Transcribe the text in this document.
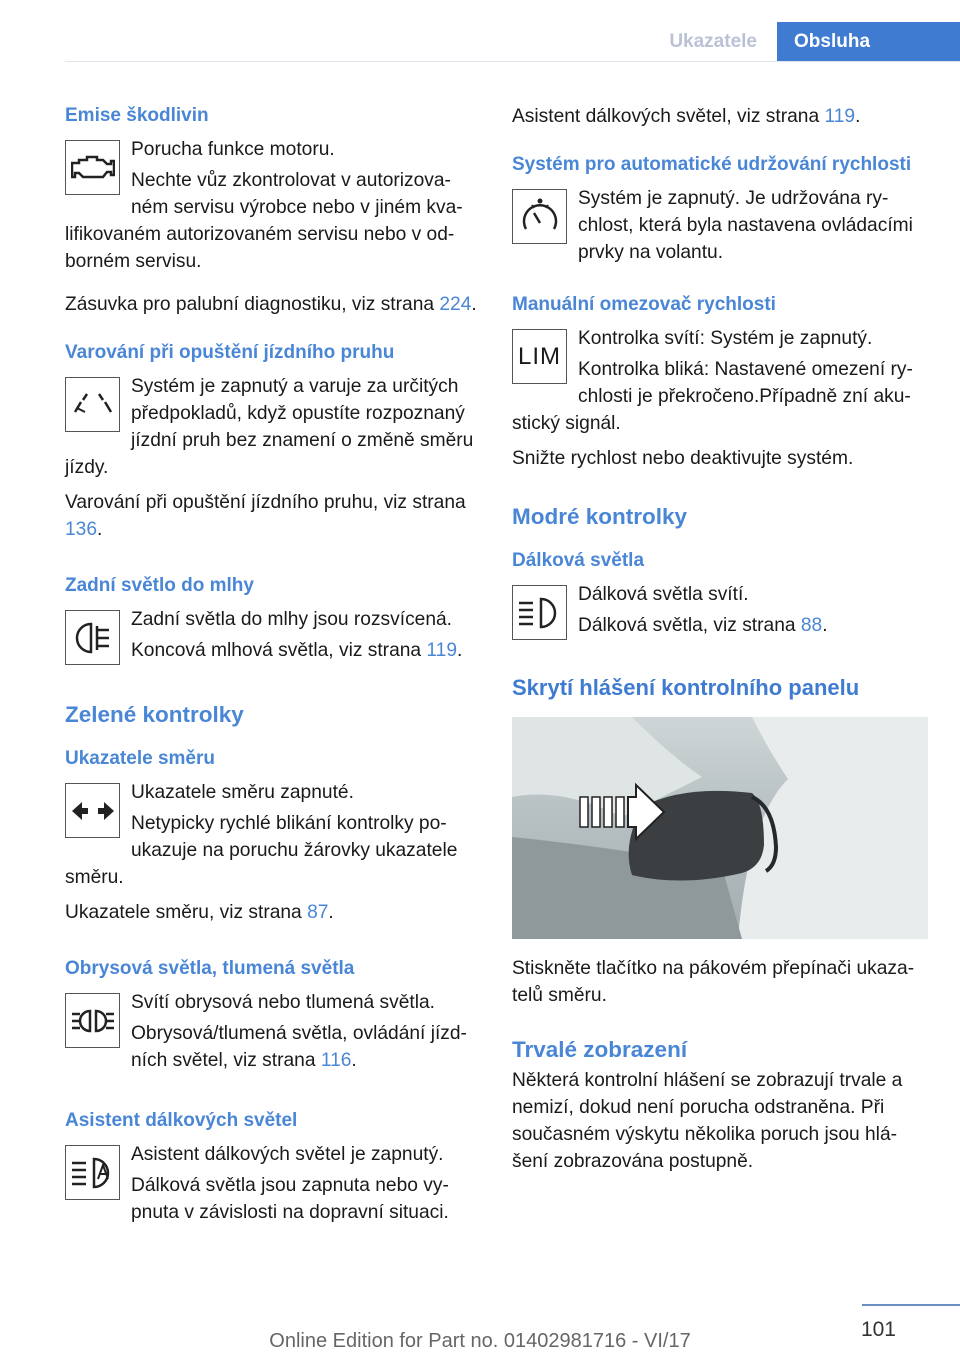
Ukazatele	Obsluha
Emise škodlivin

Porucha funkce motoru.

Nechte vůz zkontrolovat v autorizova-ném servisu výrobce nebo v jiném kva-lifikovaném autorizovaném servisu nebo v od-borném servisu.

Zásuvka pro palubní diagnostiku, viz strana 224.

Varování při opuštění jízdního pruhu

Systém je zapnutý a varuje za určitých předpokladů, když opustíte rozpoznaný jízdní pruh bez znamení o změně směru jízdy.

Varování při opuštění jízdního pruhu, viz strana 136.

Zadní světlo do mlhy

Zadní světla do mlhy jsou rozsvícená.

Koncová mlhová světla, viz strana 119.

Zelené kontrolky
Ukazatele směru

Ukazatele směru zapnuté.

Netypicky rychlé blikání kontrolky po-ukazuje na poruchu žárovky ukazatele směru.

Ukazatele směru, viz strana 87.

Obrysová světla, tlumená světla

Svítí obrysová nebo tlumená světla.

Obrysová/tlumená světla, ovládání jízd-ních světel, viz strana 116.

Asistent dálkových světel

Asistent dálkových světel je zapnutý.

Dálková světla jsou zapnuta nebo vy-pnuta v závislosti na dopravní situaci.

Asistent dálkových světel, viz strana 119.

Systém pro automatické udržování rychlosti

Systém je zapnutý. Je udržována ry-chlost, která byla nastavena ovládacími prvky na volantu.

Manuální omezovač rychlosti
LIM

Kontrolka svítí: Systém je zapnutý.

Kontrolka bliká: Nastavené omezení ry-chlosti je překročeno.Případně zní aku-stický signál.

Snižte rychlost nebo deaktivujte systém.

Modré kontrolky
Dálková světla

Dálková světla svítí.

Dálková světla, viz strana 88.

Skrytí hlášení kontrolního panelu

Stiskněte tlačítko na pákovém přepínači ukaza-telů směru.

Trvalé zobrazení

Některá kontrolní hlášení se zobrazují trvale a nemizí, dokud není porucha odstraněna. Při současném výskytu několika poruch jsou hlá-šení zobrazována postupně.

101
Online Edition for Part no. 01402981716 - VI/17
